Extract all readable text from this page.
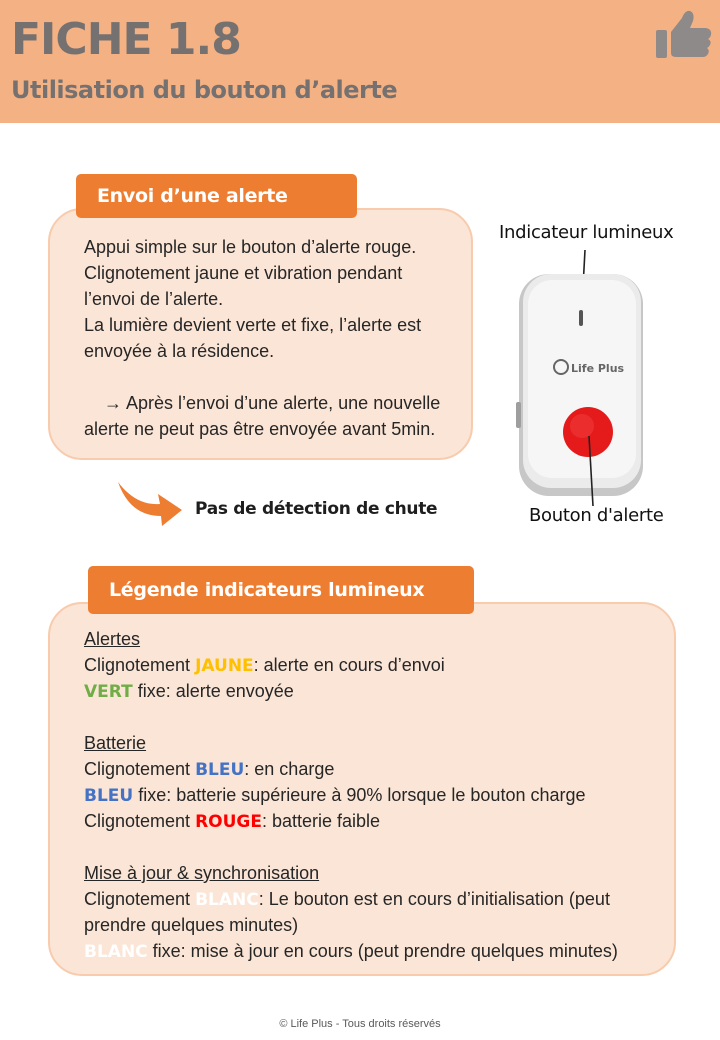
FICHE 1.8
Utilisation du bouton d’alerte
Envoi d’une alerte
Appui simple sur le bouton d’alerte rouge.
Clignotement jaune et vibration pendant
l’envoi de l’alerte.
La lumière devient verte et fixe, l’alerte est
envoyée à la résidence.
→ Après l’envoi d’une alerte, une nouvelle
alerte ne peut pas être envoyée avant 5min.
Pas de détection de chute
Indicateur lumineux
Life Plus
Bouton d'alerte
Légende indicateurs lumineux
Alertes
Clignotement JAUNE: alerte en cours d’envoi
VERT fixe: alerte envoyée
Batterie
Clignotement BLEU: en charge
BLEU fixe: batterie supérieure à 90% lorsque le bouton charge
Clignotement ROUGE: batterie faible
Mise à jour & synchronisation
Clignotement BLANC: Le bouton est en cours d’initialisation (peut
prendre quelques minutes)
BLANC fixe: mise à jour en cours (peut prendre quelques minutes)
© Life Plus - Tous droits réservés
